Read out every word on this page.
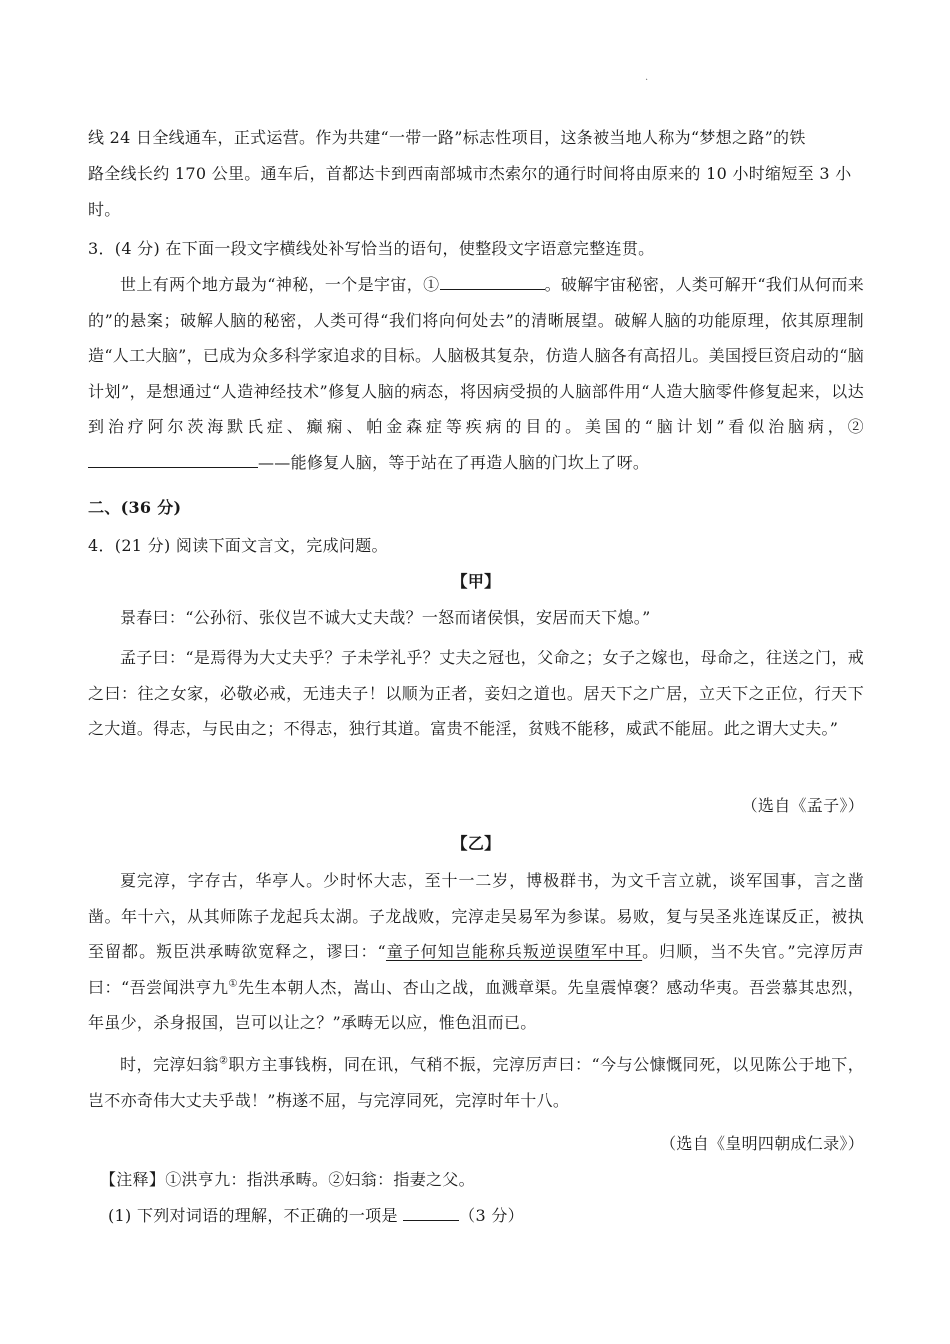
.

线 24 日全线通车，正式运营。作为共建“一带一路”标志性项目，这条被当地人称为“梦想之路”的铁

路全线长约 170 公里。通车后，首都达卡到西南部城市杰索尔的通行时间将由原来的 10 小时缩短至 3 小

时。

3．(4 分) 在下面一段文字横线处补写恰当的语句，使整段文字语意完整连贯。

世上有两个地方最为“神秘，一个是宇宙，①	。破解宇宙秘密，人类可解开“我们从何而来的”的悬案；破解人脑的秘密，人类可得“我们将向何处去”的清晰展望。破解人脑的功能原理，依其原理制造“人工大脑”，已成为众多科学家追求的目标。人脑极其复杂，仿造人脑各有高招儿。美国授巨资启动的“脑计划”，是想通过“人造神经技术”修复人脑的病态，将因病受损的人脑部件用“人造大脑零件修复起来，以达到治疗阿尔茨海默氏症、癫痫、帕金森症等疾病的目的。美国的“脑计划”看似治脑病，②——能修复人脑，等于站在了再造人脑的门坎上了呀。

二、(36 分)

4．(21 分) 阅读下面文言文，完成问题。

【甲】

景春曰：“公孙衍、张仪岂不诚大丈夫哉？一怒而诸侯惧，安居而天下熄。”

孟子曰：“是焉得为大丈夫乎？子未学礼乎？丈夫之冠也，父命之；女子之嫁也，母命之，往送之门，戒之曰：往之女家，必敬必戒，无违夫子！以顺为正者，妾妇之道也。居天下之广居，立天下之正位，行天下之大道。得志，与民由之；不得志，独行其道。富贵不能淫，贫贱不能移，威武不能屈。此之谓大丈夫。”

（选自《孟子》）

【乙】

夏完淳，字存古，华亭人。少时怀大志，至十一二岁，博极群书，为文千言立就，谈军国事，言之凿凿。年十六，从其师陈子龙起兵太湖。子龙战败，完淳走吴易军为参谋。易败，复与吴圣兆连谋反正，被执至留都。叛臣洪承畴欲宽释之，谬曰：“童子何知岂能称兵叛逆误堕军中耳。归顺，当不失官。”完淳厉声曰：“吾尝闻洪亨九①先生本朝人杰，嵩山、杏山之战，血溅章渠。先皇震悼褒？感动华夷。吾尝慕其忠烈，年虽少，杀身报国，岂可以让之？”承畴无以应，惟色沮而已。

时，完淳妇翁②职方主事钱栴，同在讯，气稍不振，完淳厉声曰：“今与公慷慨同死，以见陈公于地下，岂不亦奇伟大丈夫乎哉！”栴遂不屈，与完淳同死，完淳时年十八。

（选自《皇明四朝成仁录》）

【注释】①洪亨九：指洪承畴。②妇翁：指妻之父。

(1) 下列对词语的理解，不正确的一项是	（3 分）
